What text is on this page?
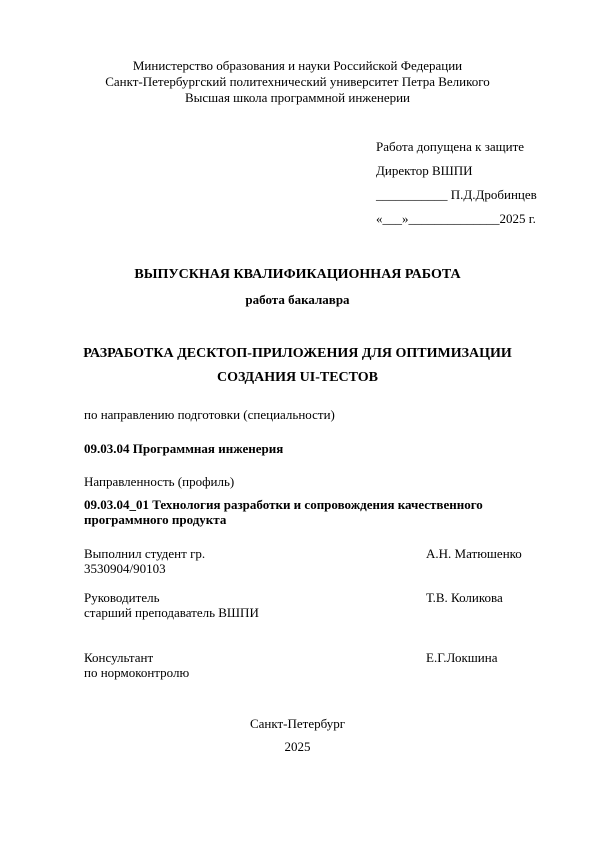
Министерство образования и науки Российской Федерации
Санкт-Петербургский политехнический университет Петра Великого
Высшая школа программной инженерии
Работа допущена к защите
Директор ВШПИ
___________ П.Д.Дробинцев
«___»______________2025 г.
ВЫПУСКНАЯ КВАЛИФИКАЦИОННАЯ РАБОТА
работа бакалавра
РАЗРАБОТКА ДЕСКТОП-ПРИЛОЖЕНИЯ ДЛЯ ОПТИМИЗАЦИИ
СОЗДАНИЯ UI-ТЕСТОВ
по направлению подготовки (специальности)
09.03.04 Программная инженерия
Направленность (профиль)
09.03.04_01 Технология разработки и сопровождения качественного
программного продукта
Выполнил студент гр.
3530904/90103
А.Н. Матюшенко
Руководитель
старший преподаватель ВШПИ
Т.В. Коликова
Консультант
по нормоконтролю
Е.Г.Локшина
Санкт-Петербург
2025
